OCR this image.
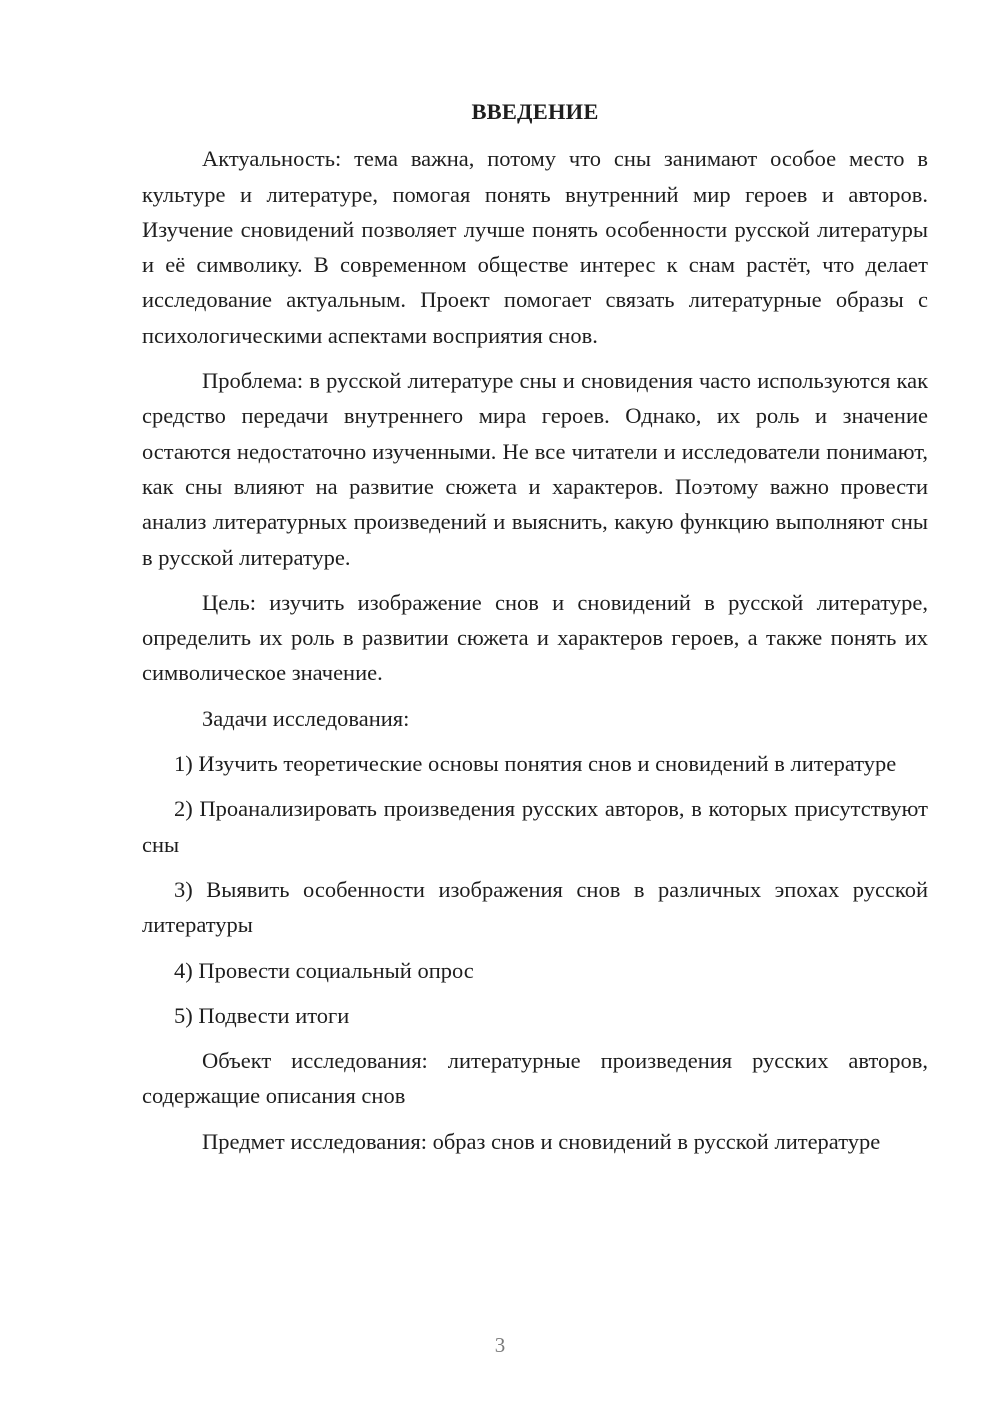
ВВЕДЕНИЕ

Актуальность: тема важна, потому что сны занимают особое место в культуре и литературе, помогая понять внутренний мир героев и авторов. Изучение сновидений позволяет лучше понять особенности русской литературы и её символику. В современном обществе интерес к снам растёт, что делает исследование актуальным. Проект помогает связать литературные образы с психологическими аспектами восприятия снов.

Проблема: в русской литературе сны и сновидения часто используются как средство передачи внутреннего мира героев. Однако, их роль и значение остаются недостаточно изученными. Не все читатели и исследователи понимают, как сны влияют на развитие сюжета и характеров. Поэтому важно провести анализ литературных произведений и выяснить, какую функцию выполняют сны в русской литературе.

Цель: изучить изображение снов и сновидений в русской литературе, определить их роль в развитии сюжета и характеров героев, а также понять их символическое значение.

Задачи исследования:

1) Изучить теоретические основы понятия снов и сновидений в литературе

2) Проанализировать произведения русских авторов, в которых присутствуют сны

3) Выявить особенности изображения снов в различных эпохах русской литературы

4) Провести социальный опрос

5) Подвести итоги

Объект исследования: литературные произведения русских авторов, содержащие описания снов

Предмет исследования: образ снов и сновидений в русской литературе

3
